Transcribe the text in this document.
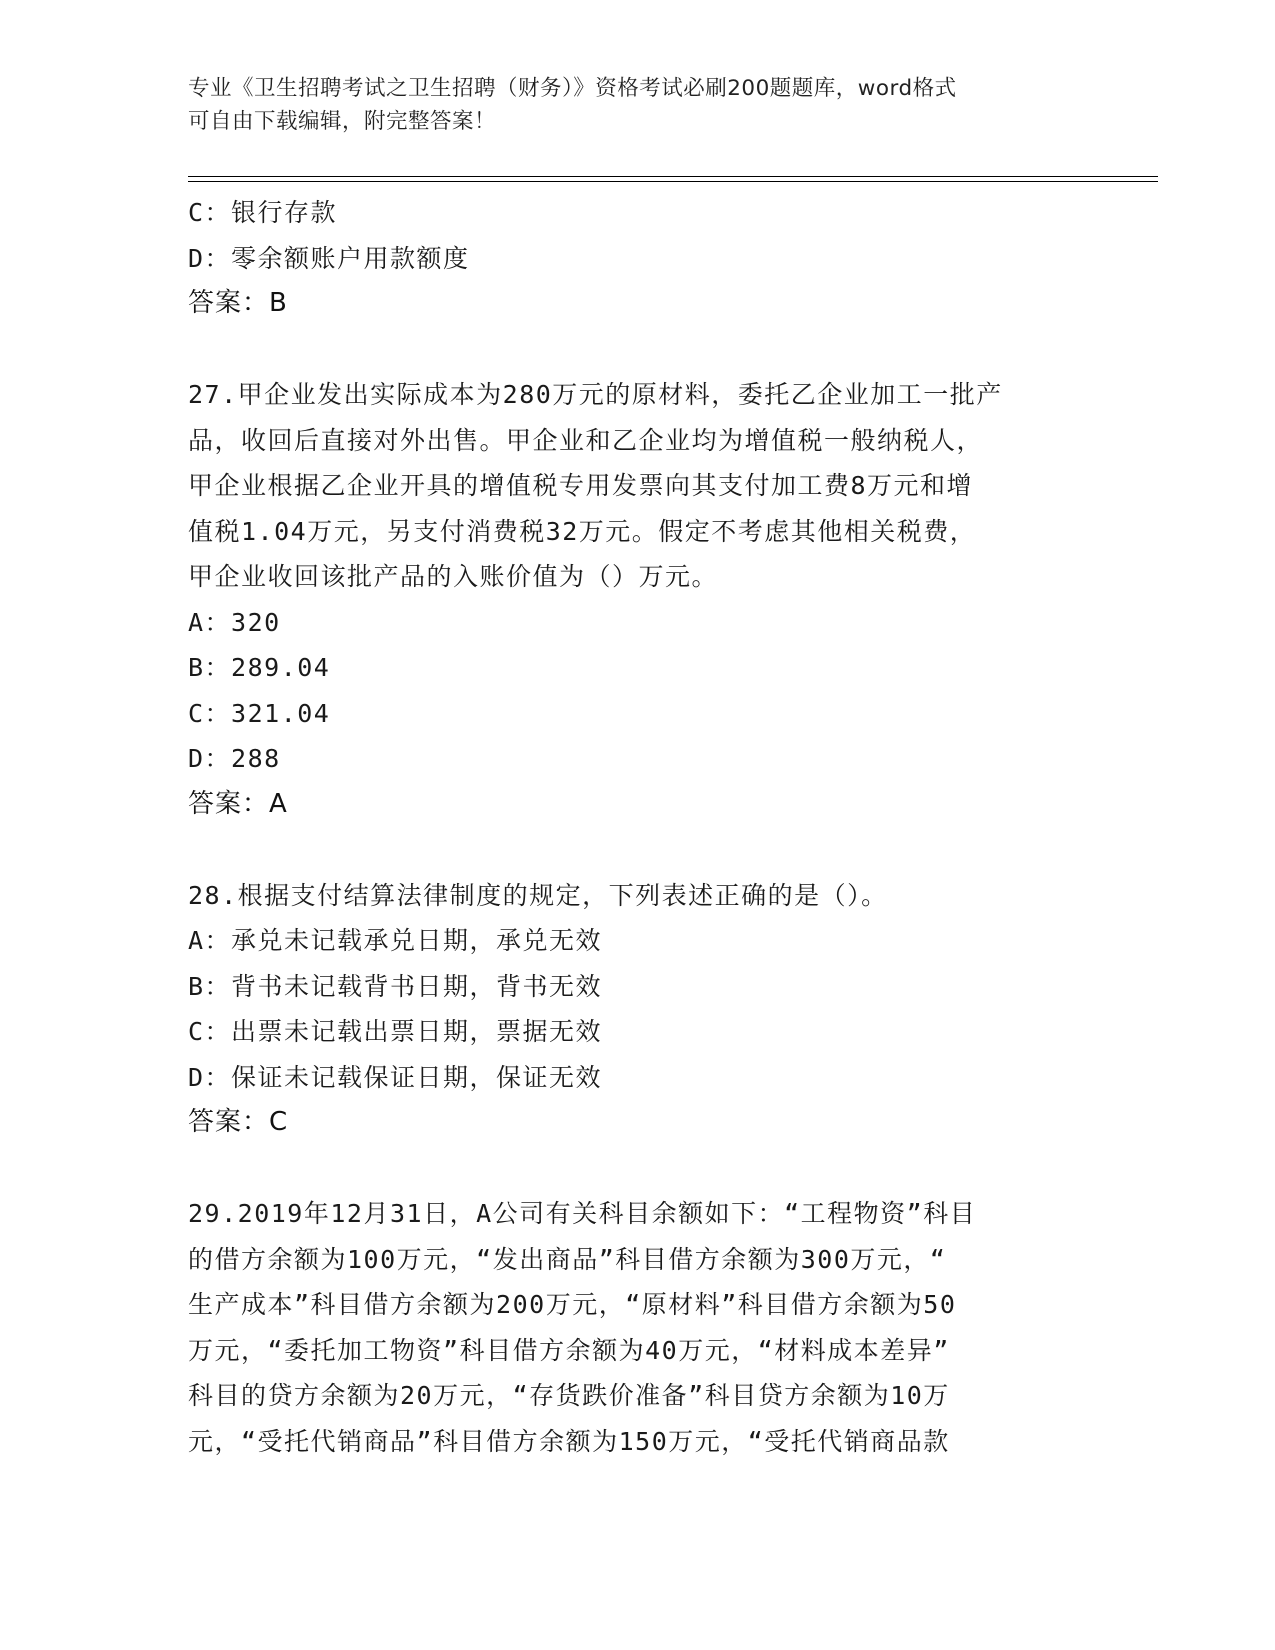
专业《卫生招聘考试之卫生招聘（财务）》资格考试必刷200题题库，word格式
可自由下载编辑，附完整答案！
C：银行存款
D：零余额账户用款额度
答案：B
27.甲企业发出实际成本为280万元的原材料，委托乙企业加工一批产
品，收回后直接对外出售。甲企业和乙企业均为增值税一般纳税人，
甲企业根据乙企业开具的增值税专用发票向其支付加工费8万元和增
值税1.04万元，另支付消费税32万元。假定不考虑其他相关税费，
甲企业收回该批产品的入账价值为（）万元。
A：320
B：289.04
C：321.04
D：288
答案：A
28.根据支付结算法律制度的规定，下列表述正确的是（）。
A：承兑未记载承兑日期，承兑无效
B：背书未记载背书日期，背书无效
C：出票未记载出票日期，票据无效
D：保证未记载保证日期，保证无效
答案：C
29.2019年12月31日，A公司有关科目余额如下：“工程物资”科目
的借方余额为100万元，“发出商品”科目借方余额为300万元，“
生产成本”科目借方余额为200万元，“原材料”科目借方余额为50
万元，“委托加工物资”科目借方余额为40万元，“材料成本差异”
科目的贷方余额为20万元，“存货跌价准备”科目贷方余额为10万
元，“受托代销商品”科目借方余额为150万元，“受托代销商品款
